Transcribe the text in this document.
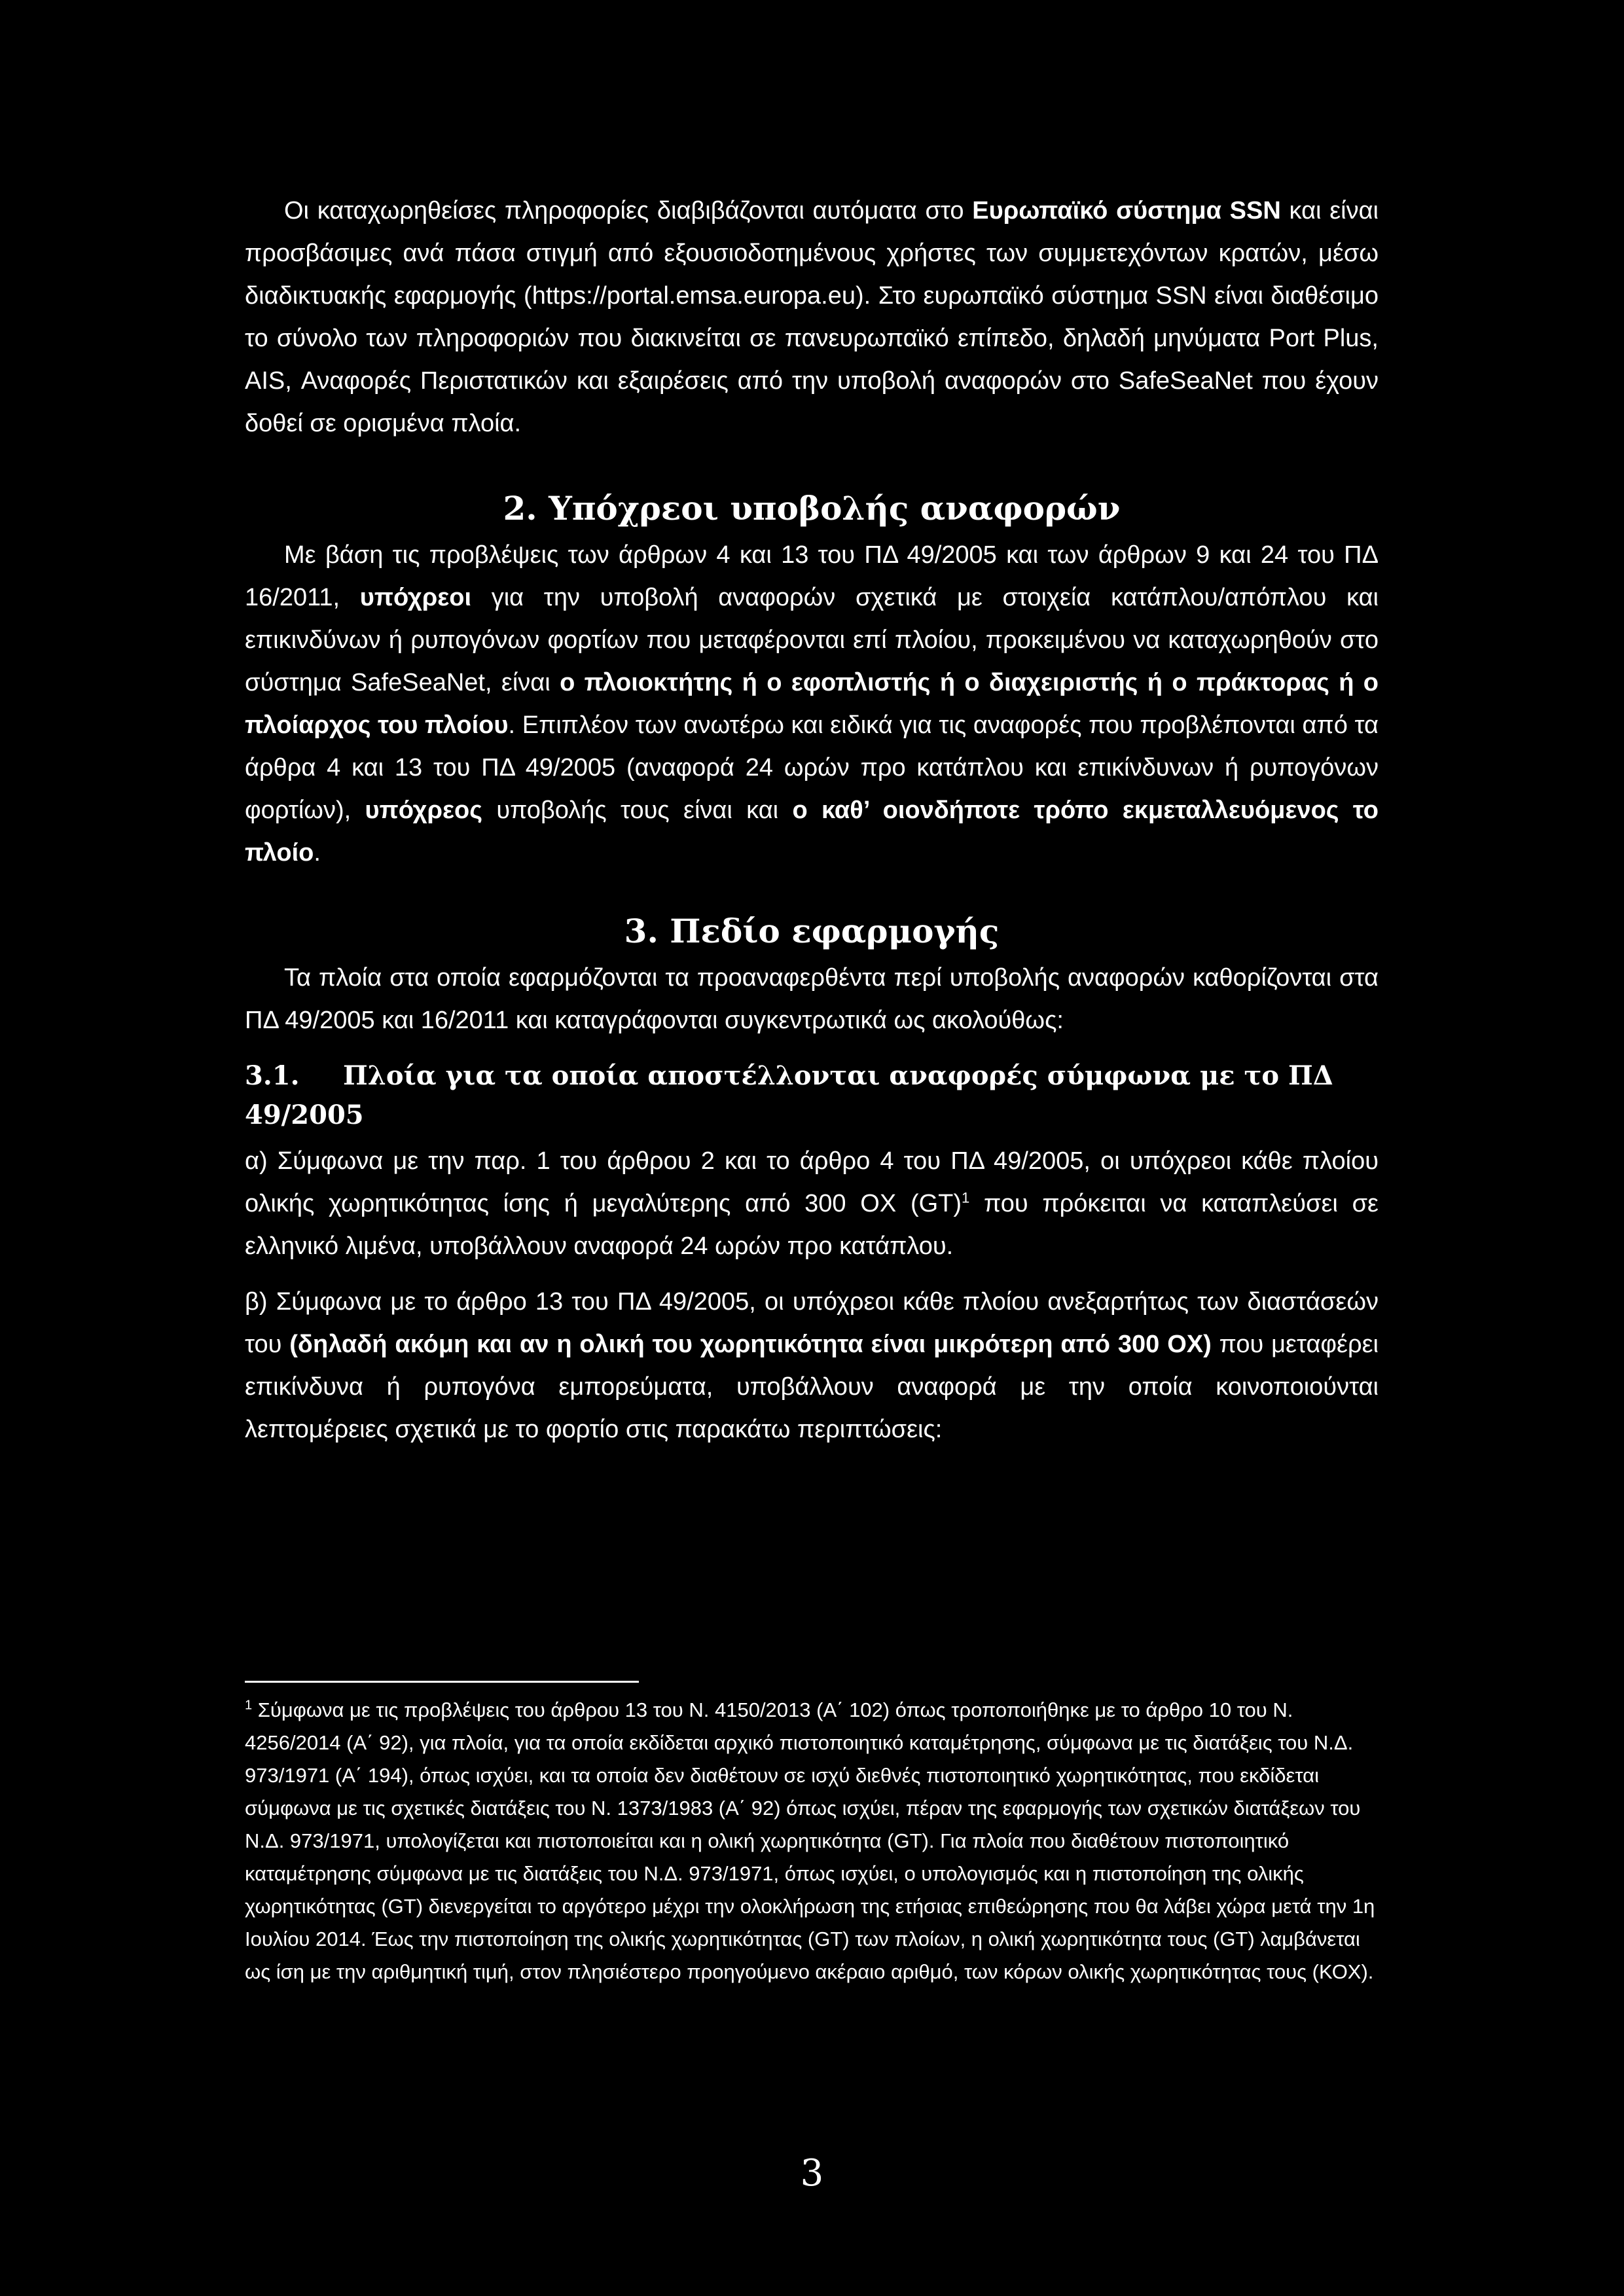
Οι καταχωρηθείσες πληροφορίες διαβιβάζονται αυτόματα στο Ευρωπαϊκό σύστημα SSN και είναι προσβάσιμες ανά πάσα στιγμή από εξουσιοδοτημένους χρήστες των συμμετεχόντων κρατών, μέσω διαδικτυακής εφαρμογής (https://portal.emsa.europa.eu). Στο ευρωπαϊκό σύστημα SSN είναι διαθέσιμο το σύνολο των πληροφοριών που διακινείται σε πανευρωπαϊκό επίπεδο, δηλαδή μηνύματα Port Plus, AIS, Αναφορές Περιστατικών και εξαιρέσεις από την υποβολή αναφορών στο SafeSeaNet που έχουν δοθεί σε ορισμένα πλοία.

2. Υπόχρεοι υποβολής αναφορών

Με βάση τις προβλέψεις των άρθρων 4 και 13 του ΠΔ 49/2005 και των άρθρων 9 και 24 του ΠΔ 16/2011, υπόχρεοι για την υποβολή αναφορών σχετικά με στοιχεία κατάπλου/απόπλου και επικινδύνων ή ρυπογόνων φορτίων που μεταφέρονται επί πλοίου, προκειμένου να καταχωρηθούν στο σύστημα SafeSeaNet, είναι ο πλοιοκτήτης ή ο εφοπλιστής ή ο διαχειριστής ή ο πράκτορας ή ο πλοίαρχος του πλοίου. Επιπλέον των ανωτέρω και ειδικά για τις αναφορές που προβλέπονται από τα άρθρα 4 και 13 του ΠΔ 49/2005 (αναφορά 24 ωρών προ κατάπλου και επικίνδυνων ή ρυπογόνων φορτίων), υπόχρεος υποβολής τους είναι και ο καθ’ οιονδήποτε τρόπο εκμεταλλευόμενος το πλοίο.

3. Πεδίο εφαρμογής

Τα πλοία στα οποία εφαρμόζονται τα προαναφερθέντα περί υποβολής αναφορών καθορίζονται στα ΠΔ 49/2005 και 16/2011 και καταγράφονται συγκεντρωτικά ως ακολούθως:

3.1. Πλοία για τα οποία αποστέλλονται αναφορές σύμφωνα με το ΠΔ 49/2005

α) Σύμφωνα με την παρ. 1 του άρθρου 2 και το άρθρο 4 του ΠΔ 49/2005, οι υπόχρεοι κάθε πλοίου ολικής χωρητικότητας ίσης ή μεγαλύτερης από 300 ΟΧ (GT)$^1$ που πρόκειται να καταπλεύσει σε ελληνικό λιμένα, υποβάλλουν αναφορά 24 ωρών προ κατάπλου.

β) Σύμφωνα με το άρθρο 13 του ΠΔ 49/2005, οι υπόχρεοι κάθε πλοίου ανεξαρτήτως των διαστάσεών του (δηλαδή ακόμη και αν η ολική του χωρητικότητα είναι μικρότερη από 300 ΟΧ) που μεταφέρει επικίνδυνα ή ρυπογόνα εμπορεύματα, υποβάλλουν αναφορά με την οποία κοινοποιούνται λεπτομέρειες σχετικά με το φορτίο στις παρακάτω περιπτώσεις:

$^1$ Σύμφωνα με τις προβλέψεις του άρθρου 13 του Ν. 4150/2013 (Α΄ 102) όπως τροποποιήθηκε με το άρθρο 10 του Ν. 4256/2014 (Α΄ 92), για πλοία, για τα οποία εκδίδεται αρχικό πιστοποιητικό καταμέτρησης, σύμφωνα με τις διατάξεις του Ν.Δ. 973/1971 (Α΄ 194), όπως ισχύει, και τα οποία δεν διαθέτουν σε ισχύ διεθνές πιστοποιητικό χωρητικότητας, που εκδίδεται σύμφωνα με τις σχετικές διατάξεις του Ν. 1373/1983 (Α΄ 92) όπως ισχύει, πέραν της εφαρμογής των σχετικών διατάξεων του Ν.Δ. 973/1971, υπολογίζεται και πιστοποιείται και η ολική χωρητικότητα (GT). Για πλοία που διαθέτουν πιστοποιητικό καταμέτρησης σύμφωνα με τις διατάξεις του Ν.Δ. 973/1971, όπως ισχύει, ο υπολογισμός και η πιστοποίηση της ολικής χωρητικότητας (GT) διενεργείται το αργότερο μέχρι την ολοκλήρωση της ετήσιας επιθεώρησης που θα λάβει χώρα μετά την 1η Ιουλίου 2014. Έως την πιστοποίηση της ολικής χωρητικότητας (GT) των πλοίων, η ολική χωρητικότητα τους (GT) λαμβάνεται ως ίση με την αριθμητική τιμή, στον πλησιέστερο προηγούμενο ακέραιο αριθμό, των κόρων ολικής χωρητικότητας τους (ΚΟΧ).
3
